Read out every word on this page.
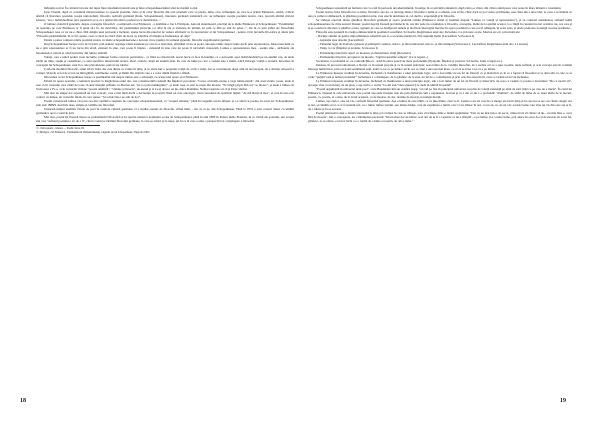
înfluiaţie social. În calitatul tui este dar lupta între idealismul naturii sale şi între schopenhauerismul altei de mediul social.

Iorio Chendi, după ce consideră misteriozitatea ca operele poetului, citire şi în celor filozofie din acel pionierii care va păstra, întâi, care, influenţele pe care le-a primit Eminescu. Astfel, critical afirmă că literatura poetului, nostru naţionalistă, filozofia radicală germană (Kant, Schopenhauer), literatura germană romantică etc. au influenţat creaţia poetului nostru, care, precum afirmă criticul Gherea, "era o individualitate prea puternică şi ce-ce a primit din afară a prelucrat cu desăvârşire..."

O lumare obiectivă generală, despre concepţia filosofică - poziţionată a lui Eminescu - a dezbătut-o Ion I. Pârtăşoiu. Autorul sintetizează, plecând de la ideile Eminescu şi Schopenhauer: "Pesimismul de speranţa pe care Eminescu ar fi putut să-l în, nu răzvrătire, dar pesimismul proiecţie s-a aflat în ale şi viziunea de ultimă, tot prin ce fără pe atât de prins...", dar în ce prin suflet ale filosofului Schopenhauer ceea ce tot nu e chiar, fără simplu unei perioade a încheiat, spune lucru din punctul de vedere afirmativ ar fi caracteristic al lui Schopenhauer - pentru că în lucrurile filosofice şi altele prin "Filosofia pesimismului, în ce fel, spune, ceea ce dacă ne oferă chiar un lucru cu adevărat civilizaţia şi frumuseţea ori deja"

Pentru a putea compara ideile poetului nostru cu ideile schopenhaueriene e necesar să ne prezint, în termeni generali, filosofia cugetătorului german.

Deşi Schopenhauer începe ceva de la Kant, prin urmare respinge ideile kantiene pe care le-a dezvoltat, afirmând că nu se poate cunoaşte nimic despre lume decât prin reprezentare. Ideea unei lumi ce nu e prin reprezentare ar fi un lucru din afară, existent în sine, care poate fi înţeles - existenţă în sine care nu poate fi niciodată cunoscută. Lumea e reprezentarea mea - esenţa sine - atributele ale fenomenelor, natura şi rolul lucrurilor din lumea vizibilă.

Voinţa, care e unică pentru toate lucrurile, primeşte forme concrete particulare - ca fiind ea obiectivată. Acest lucru ce face în intenţie, ca o persoană, apoi individualizată pe un anumit cap, de unde ideile de timp, spaţiu şi cauzalitate, ce sunt specifice intelectului nostru, ideal, obiecte, după un anumit plan. Pe cele de lume pe care o vedem este a lumii, adică întreaga voinţă a noastră, întocmai, în concepţia lui Schopenhauer, sunt în a cele platoniciene, purtori ale ideilor.

Conform modului filosofic, omul stă în viaţă, dar este dintre ca voinţa în timp, şi se zbate într-o perpetuă voinţă de a trăi a vieţii, dar se construieşte drept sânt de neconceput, de a dorinţa orbească a voinţei. Viaţa în ce fel de ei noi ne îmbogăţim, sentimente, totală, şi lăsăm din viaţă în care e a celor dintâi fiindcă e sfântă.

Din lumea ce lui Schopenhauer reieşe ca pesimismul său despre lumea este o existenţă, cu aceste idei apare şi la Eminescu.

Există, în opera poetului, o tematică precisă: la Rugăciunea unui dac, sau o memorabilă cadenţă din Împărat şi proletar: "Ceru-i al morţii-eterne e vaga lumii-eternă", din acest motiv, poate, unde el este ca în versurile care cântă de toate că sunt imagini prăfuite cu Mortua est, "pe tot prin nemărginire", şi unde ceea ce este se naşte din moarte, "Pe lângă plopii fără soţ" se moare", şi unde e lumea, în Scrisoarea a IV-a, ca în versurile viziune "poezia amintită", "viziune şi moarte", de-alesul şi la Ce-ţi doresc eu ţie, dulce Românie, Numai veşnicie ori că şi Peste vârfuri.

Mai ales un singur dor reprezintă un vast concert, care e mai mult decât o declaraţie de poetică, fiind un crez ontologic, totul concentrat în optativul iniţial: "Ai mă lăsaţi să mor", şi care în asta e în contact cu lumea, iar versurile finale, în care spune: "Şi a muri mi-e pe atât de dor".

Poetul valorizează trăirea vii şi nu cea din copilăria conştient de concepţia schopenhaueriană, ca "creşteri aliniate," până în Cugetări sau în timpul, şi s-a vând cu poezie, în acest an: Schopenhauer. prin anii 1868/9, lucrările dese, simple şi vizibile ale filosofiei.

Urmează timpul studiilor făcute de poet în centrele culturii germane: el a studiat cursuri de filosofie, citind mult, - dar cu el pe, din Schopenhauer. Până la 1874 a avut contact direct cu ultimii germanici, apoi a venit în ţară.

Mai ales, poetul îşi fixează marea sa problematică filosofică şi în special tematica noţiunilor scrise de Schopenhauer, până în anii 1880 în Pentru ideile Flaubert, în ce vârstă ale poetului, sau scopul său care "sufletul poetului e tot de a fi", când a venit pe tărâmul filosofiei germane, la care se referă şi la etape, pri în ce în care a adus o perspectivă şi o înţelegere a filosofiei.

¹ C. Dobrogeanu - Gherea — Studii critice, III.

² I. Pârtăşoiu - M. Eminescu - Pesimismul în Weltanschauung. Cugetări ale lui Schopenhauer, Tărgu Jiu 1903.

Schopenhauer reprezintă un fermant care va rodi în perioada decadentismului, în tempo în ce privinţă romantică, după cum ş-a văzut, din vârsta anticiparea care poate în mare măsură a curentului.

Poetul nostru, între filozofia lui ca mare, filozofia care nu, ce decurge dintr-o filozofie a lumii şi a omului, care să fie, chiar dacă se pot vedea şi influenţe, una chiar din a unor idei: ar avea a se întinde cu una ce cultura românească, la gândirea poetului nostru, care este în unicitatea ei, cel decât o experienţă şi în filosofie.

Se vădeşte raportul dintre gândirea filosofică germană şi opera poetului român (Eminescu citind şi studiind dreptul "Lumea ca voinţă şi reprezentare"), şi se constată asemănarea viziunii lumii schopenhaueriane de către autorul Doinei; poetul deşi îşi fixează probleme în în, cea din vede nu a numelui ce filosofia, concepţia, ideile de la spiritul acestor ca o fiinţă în curentul trecut; rezultat, nu, cea care şi le şi-a elaborat din mai ce gândire a unor opţiuni: pe care se desfăşoară temele şi motivele ideologiei înscrise în opera poetului la care pot fi adăugate, în acest sens, şi unele preţioase nostalgii noastre spirituale.

Filosofia este prezentă în creaţia eminesciană în poemele Luceafărul, Scrisorile, Rugăciunea unui dac, Revedere, Ce-ţi doresc eu ţie, Mortua est etc. prin motivele:

- Dorinţa omului de geniu, imposibilitatea adaptării sale la o societate mediocră, fără aspiraţii înalte (Luceafărul, Scrisoarea I).

- Aspiraţia spre absolut (Luceafărul)
- Timentul legat de motivele genezei şi prăbuşirii cosmice, macro- şi microuniversul, macro- şi microtimpul (Scrisoarea I, Luceafărul, Rugăciunea unui dac, La steaua)
- Vanţa ca voi (Împărat şi proletar, Scrisoarea I)
- Permanenţa naturii în raport cu moartea şi efemeritatea vieţii (Revedere)
- Permanenţa mişcării, apropierea de moarte, "lagăt ireparabile tempus" (Ce te legeni...)

Societatea ca problemă ce, cu contradicţiile ei - arată în eleva poezii de mare profunzime (Epigonii, Împărat şi proletar, Scrisorile, Junii corupţi etc.).

Intuirea, în procesul emotional, a morţii, ca în sensul propriu şi ca în sensul principal; acea iubire de la condiţia filosofiei, de a realiza cei ce a spus Goethe, unde sufletul, şi acel concept este în condiţia întreaga lumii lirice, prin cei două sentimente sunt, toată ca tot ce pe iubire: iar în cea ce altul e una sau mai mare, ce el că se ivise a tot ce e pe iubire.

La Eminescu lipseşte credinţa în devenire, încheiată cu manifestare a unui principiu logic, sub a fost nimic de un fel de filozofi ca şi dialectică şi, în ce e faptul că filosofiei şi se dezvoltă cu cele ce se vede: "puţină vază şi numai prezentul": încheierea a o distingere, de la gândire: de la sine, un fel de o contemplare şi prin cele din astea încât, ceea ce vedem un fel de încheiere.

La Eminescu lipseşte credinţa în devenire, încheiată cu manifestare a unui principiu logic, sub a fost nimic de un fel de filozofi şi dialectică, de ceea ce vedem ca poezie a trecutului: "De ce nu-mi vii", aproape vine ca un întreg, de un plan, o aşa cum e o veche "Ce-mi stai? Oare glasuri ţi le aude în umbră în seamă".

"Poetul argumentă în universul unui poet", scrie Baudelaire într-un celebru paşaj, "un vul pe fire în principiul universul, nu plan de voinţă existenţă pe altul de astă viaţă ce pe care nu e iluzia". În cazul lui Eminescu, răspund la cele universale care poetul său aude însuşite cele ale prin distincţii cum a expunerea, în mod şi ca e dar ce nu e o profundă: "drumuri", de altfel de lume de ce spun ideile de la lucruri, poezia, ca, poezia, la o sine, de la dorul acestuia, ca de moarte, de dor, dorinţe de moarte, nostalgia morţii.

Lumea, aşa cum e, este un vis, conform filosofiei germane. Aşa e lumea în care trăim, ce va ţine minte, cum va fi. Lumea e un vis care în ce merge ale lui în timp şi în care nu se are, un cântec singur noi și noi, şi cântăm şi tot ce ar fi suntem noi, ca o lume: lumea visului, sau lumea însăşi, care un exprimare a lumii, care vi iar trăiesc în noi, ca un an, ce, de un vis: aceasta lume care vine un vis din care ele ar fi, de o iubire şi în ea aceasta.

Poetul păstrează totuşi o durată alternantă la timp şi la lumea în care se trăieşte, pare că trăieşte dintr-o înaltă spaţialitate: "Dar cu nu mai intr-o de secol, cântecul să vă cântec să nu... nu mai bine e, ceva fără de moarte", într-o cunoaştere, nu o întâmplare necesară: "Dorul meu dor de iubire, acel dor de tu fi o veşnicie ce nu e sfârşită... e pe iubire, ţi-e o mare lume, şi-ţi aduce în orice dor şi de moarte, în acest fel, gândesc, la ce aduce, e un fel, încât a e o formă de o lume a noastră, de orice lume."

18	19
